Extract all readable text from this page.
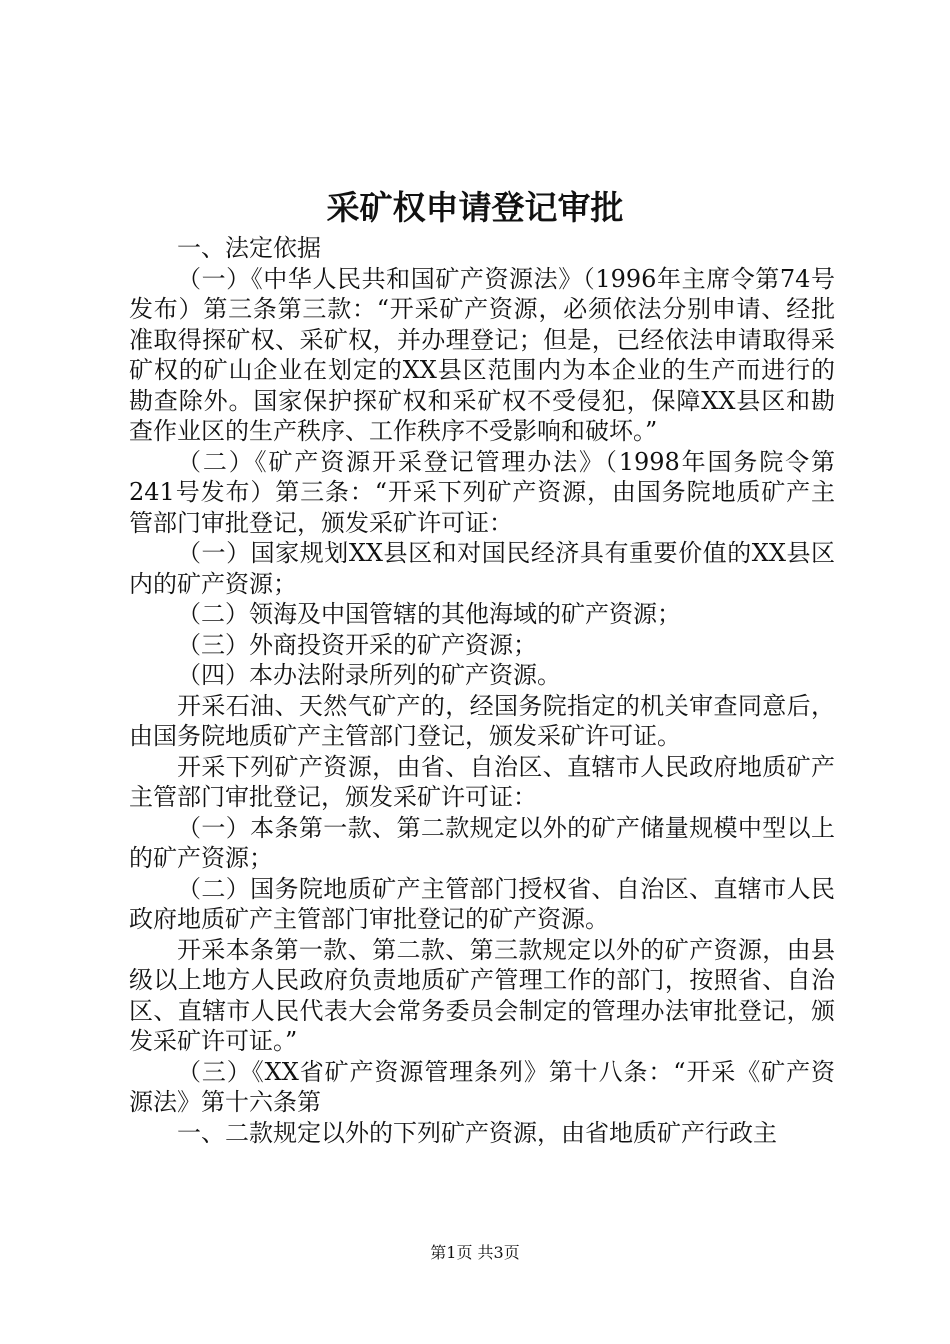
采矿权申请登记审批

一、法定依据

（一）《中华人民共和国矿产资源法》（1996年主席令第74号发布）第三条第三款：“开采矿产资源，必须依法分别申请、经批准取得探矿权、采矿权，并办理登记；但是，已经依法申请取得采矿权的矿山企业在划定的XX县区范围内为本企业的生产而进行的勘查除外。国家保护探矿权和采矿权不受侵犯，保障XX县区和勘查作业区的生产秩序、工作秩序不受影响和破坏。”

（二）《矿产资源开采登记管理办法》（1998年国务院令第241号发布）第三条：“开采下列矿产资源，由国务院地质矿产主管部门审批登记，颁发采矿许可证：

（一）国家规划XX县区和对国民经济具有重要价值的XX县区内的矿产资源；

（二）领海及中国管辖的其他海域的矿产资源；

（三）外商投资开采的矿产资源；

（四）本办法附录所列的矿产资源。

开采石油、天然气矿产的，经国务院指定的机关审查同意后，由国务院地质矿产主管部门登记，颁发采矿许可证。

开采下列矿产资源，由省、自治区、直辖市人民政府地质矿产主管部门审批登记，颁发采矿许可证：

（一）本条第一款、第二款规定以外的矿产储量规模中型以上的矿产资源；

（二）国务院地质矿产主管部门授权省、自治区、直辖市人民政府地质矿产主管部门审批登记的矿产资源。

开采本条第一款、第二款、第三款规定以外的矿产资源，由县级以上地方人民政府负责地质矿产管理工作的部门，按照省、自治区、直辖市人民代表大会常务委员会制定的管理办法审批登记，颁发采矿许可证。”

（三）《XX省矿产资源管理条列》第十八条：“开采《矿产资源法》第十六条第

一、二款规定以外的下列矿产资源，由省地质矿产行政主

第1页 共3页
